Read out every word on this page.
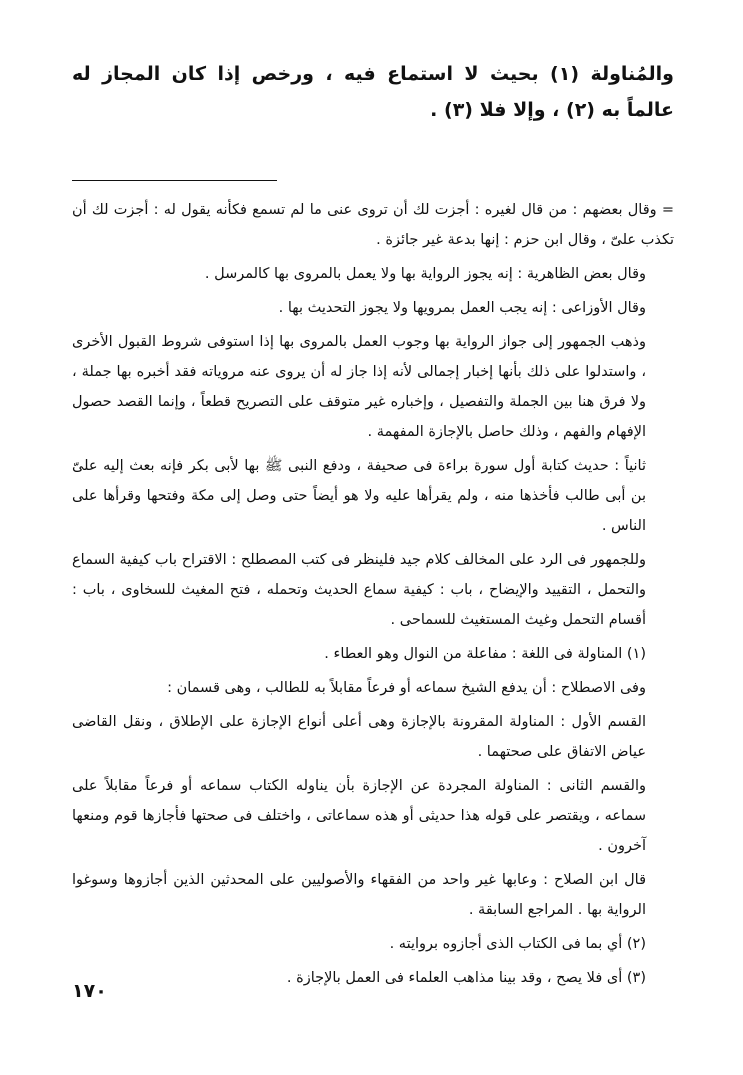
والمُناولة (١) بحيث لا استماع فيه ، ورخص إذا كان المجاز له عالماً به (٢) ، وإلا فلا (٣) .

= وقال بعضهم : من قال لغيره : أجزت لك أن تروى عنى ما لم تسمع فكأنه يقول له : أجزت لك أن تكذب علىّ ، وقال ابن حزم : إنها بدعة غير جائزة .

وقال بعض الظاهرية : إنه يجوز الرواية بها ولا يعمل بالمروى بها كالمرسل .

وقال الأوزاعى : إنه يجب العمل بمرويها ولا يجوز التحديث بها .

وذهب الجمهور إلى جواز الرواية بها وجوب العمل بالمروى بها إذا استوفى شروط القبول الأخرى ، واستدلوا على ذلك بأنها إخبار إجمالى لأنه إذا جاز له أن يروى عنه مروياته فقد أخبره بها جملة ، ولا فرق هنا بين الجملة والتفصيل ، وإخباره غير متوقف على التصريح قطعاً ، وإنما القصد حصول الإفهام والفهم ، وذلك حاصل بالإجازة المفهمة .

ثانياً : حديث كتابة أول سورة براءة فى صحيفة ، ودفع النبى ﷺ بها لأبى بكر فإنه بعث إليه علىّ بن أبى طالب فأخذها منه ، ولم يقرأها عليه ولا هو أيضاً حتى وصل إلى مكة وفتحها وقرأها على الناس .

وللجمهور فى الرد على المخالف كلام جيد فلينظر فى كتب المصطلح : الاقتراح باب كيفية السماع والتحمل ، التقييد والإيضاح ، باب : كيفية سماع الحديث وتحمله ، فتح المغيث للسخاوى ، باب : أقسام التحمل وغيث المستغيث للسماحى .

(١) المناولة فى اللغة : مفاعلة من النوال وهو العطاء .

وفى الاصطلاح : أن يدفع الشيخ سماعه أو فرعاً مقابلاً به للطالب ، وهى قسمان :

القسم الأول : المناولة المقرونة بالإجازة وهى أعلى أنواع الإجازة على الإطلاق ، ونقل القاضى عياض الاتفاق على صحتهما .

والقسم الثانى : المناولة المجردة عن الإجازة بأن يناوله الكتاب سماعه أو فرعاً مقابلاً على سماعه ، ويقتصر على قوله هذا حديثى أو هذه سماعاتى ، واختلف فى صحتها فأجازها قوم ومنعها آخرون .

قال ابن الصلاح : وعابها غير واحد من الفقهاء والأصوليين على المحدثين الذين أجازوها وسوغوا الرواية بها . المراجع السابقة .

(٢) أي بما فى الكتاب الذى أجازوه بروايته .

(٣) أى فلا يصح ، وقد بينا مذاهب العلماء فى العمل بالإجازة .

١٧٠
